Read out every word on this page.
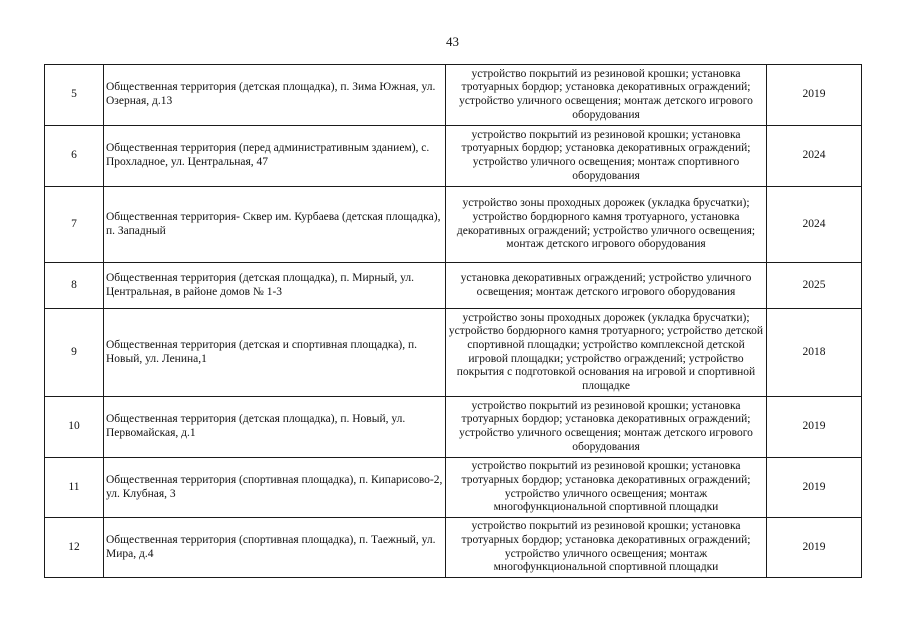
43
5	Общественная территория (детская площадка), п. Зима Южная, ул. Озерная, д.13	устройство покрытий из резиновой крошки; установка тротуарных бордюр; установка декоративных ограждений; устройство уличного освещения; монтаж детского игрового оборудования	2019
6	Общественная территория (перед административным зданием), с. Прохладное, ул. Центральная, 47	устройство покрытий из резиновой крошки; установка тротуарных бордюр; установка декоративных ограждений; устройство уличного освещения; монтаж спортивного оборудования	2024
7	Общественная территория- Сквер им. Курбаева (детская площадка), п. Западный	устройство зоны проходных дорожек (укладка брусчатки); устройство бордюрного камня тротуарного, установка декоративных ограждений; устройство уличного освещения; монтаж детского игрового оборудования	2024
8	Общественная территория (детская площадка), п. Мирный, ул. Центральная, в районе домов № 1-3	установка декоративных ограждений; устройство уличного освещения; монтаж детского игрового оборудования	2025
9	Общественная территория (детская и спортивная площадка), п. Новый, ул. Ленина,1	устройство зоны проходных дорожек (укладка брусчатки); устройство бордюрного камня тротуарного; устройство детской спортивной площадки; устройство комплексной детской игровой площадки; устройство ограждений; устройство покрытия с подготовкой основания на игровой и спортивной площадке	2018
10	Общественная территория (детская площадка), п. Новый, ул. Первомайская, д.1	устройство покрытий из резиновой крошки; установка тротуарных бордюр; установка декоративных ограждений; устройство уличного освещения; монтаж детского игрового оборудования	2019
11	Общественная территория (спортивная площадка), п. Кипарисово-2, ул. Клубная, 3	устройство покрытий из резиновой крошки; установка тротуарных бордюр; установка декоративных ограждений; устройство уличного освещения; монтаж многофункциональной спортивной площадки	2019
12	Общественная территория (спортивная площадка), п. Таежный, ул. Мира, д.4	устройство покрытий из резиновой крошки; установка тротуарных бордюр; установка декоративных ограждений; устройство уличного освещения; монтаж многофункциональной спортивной площадки	2019
